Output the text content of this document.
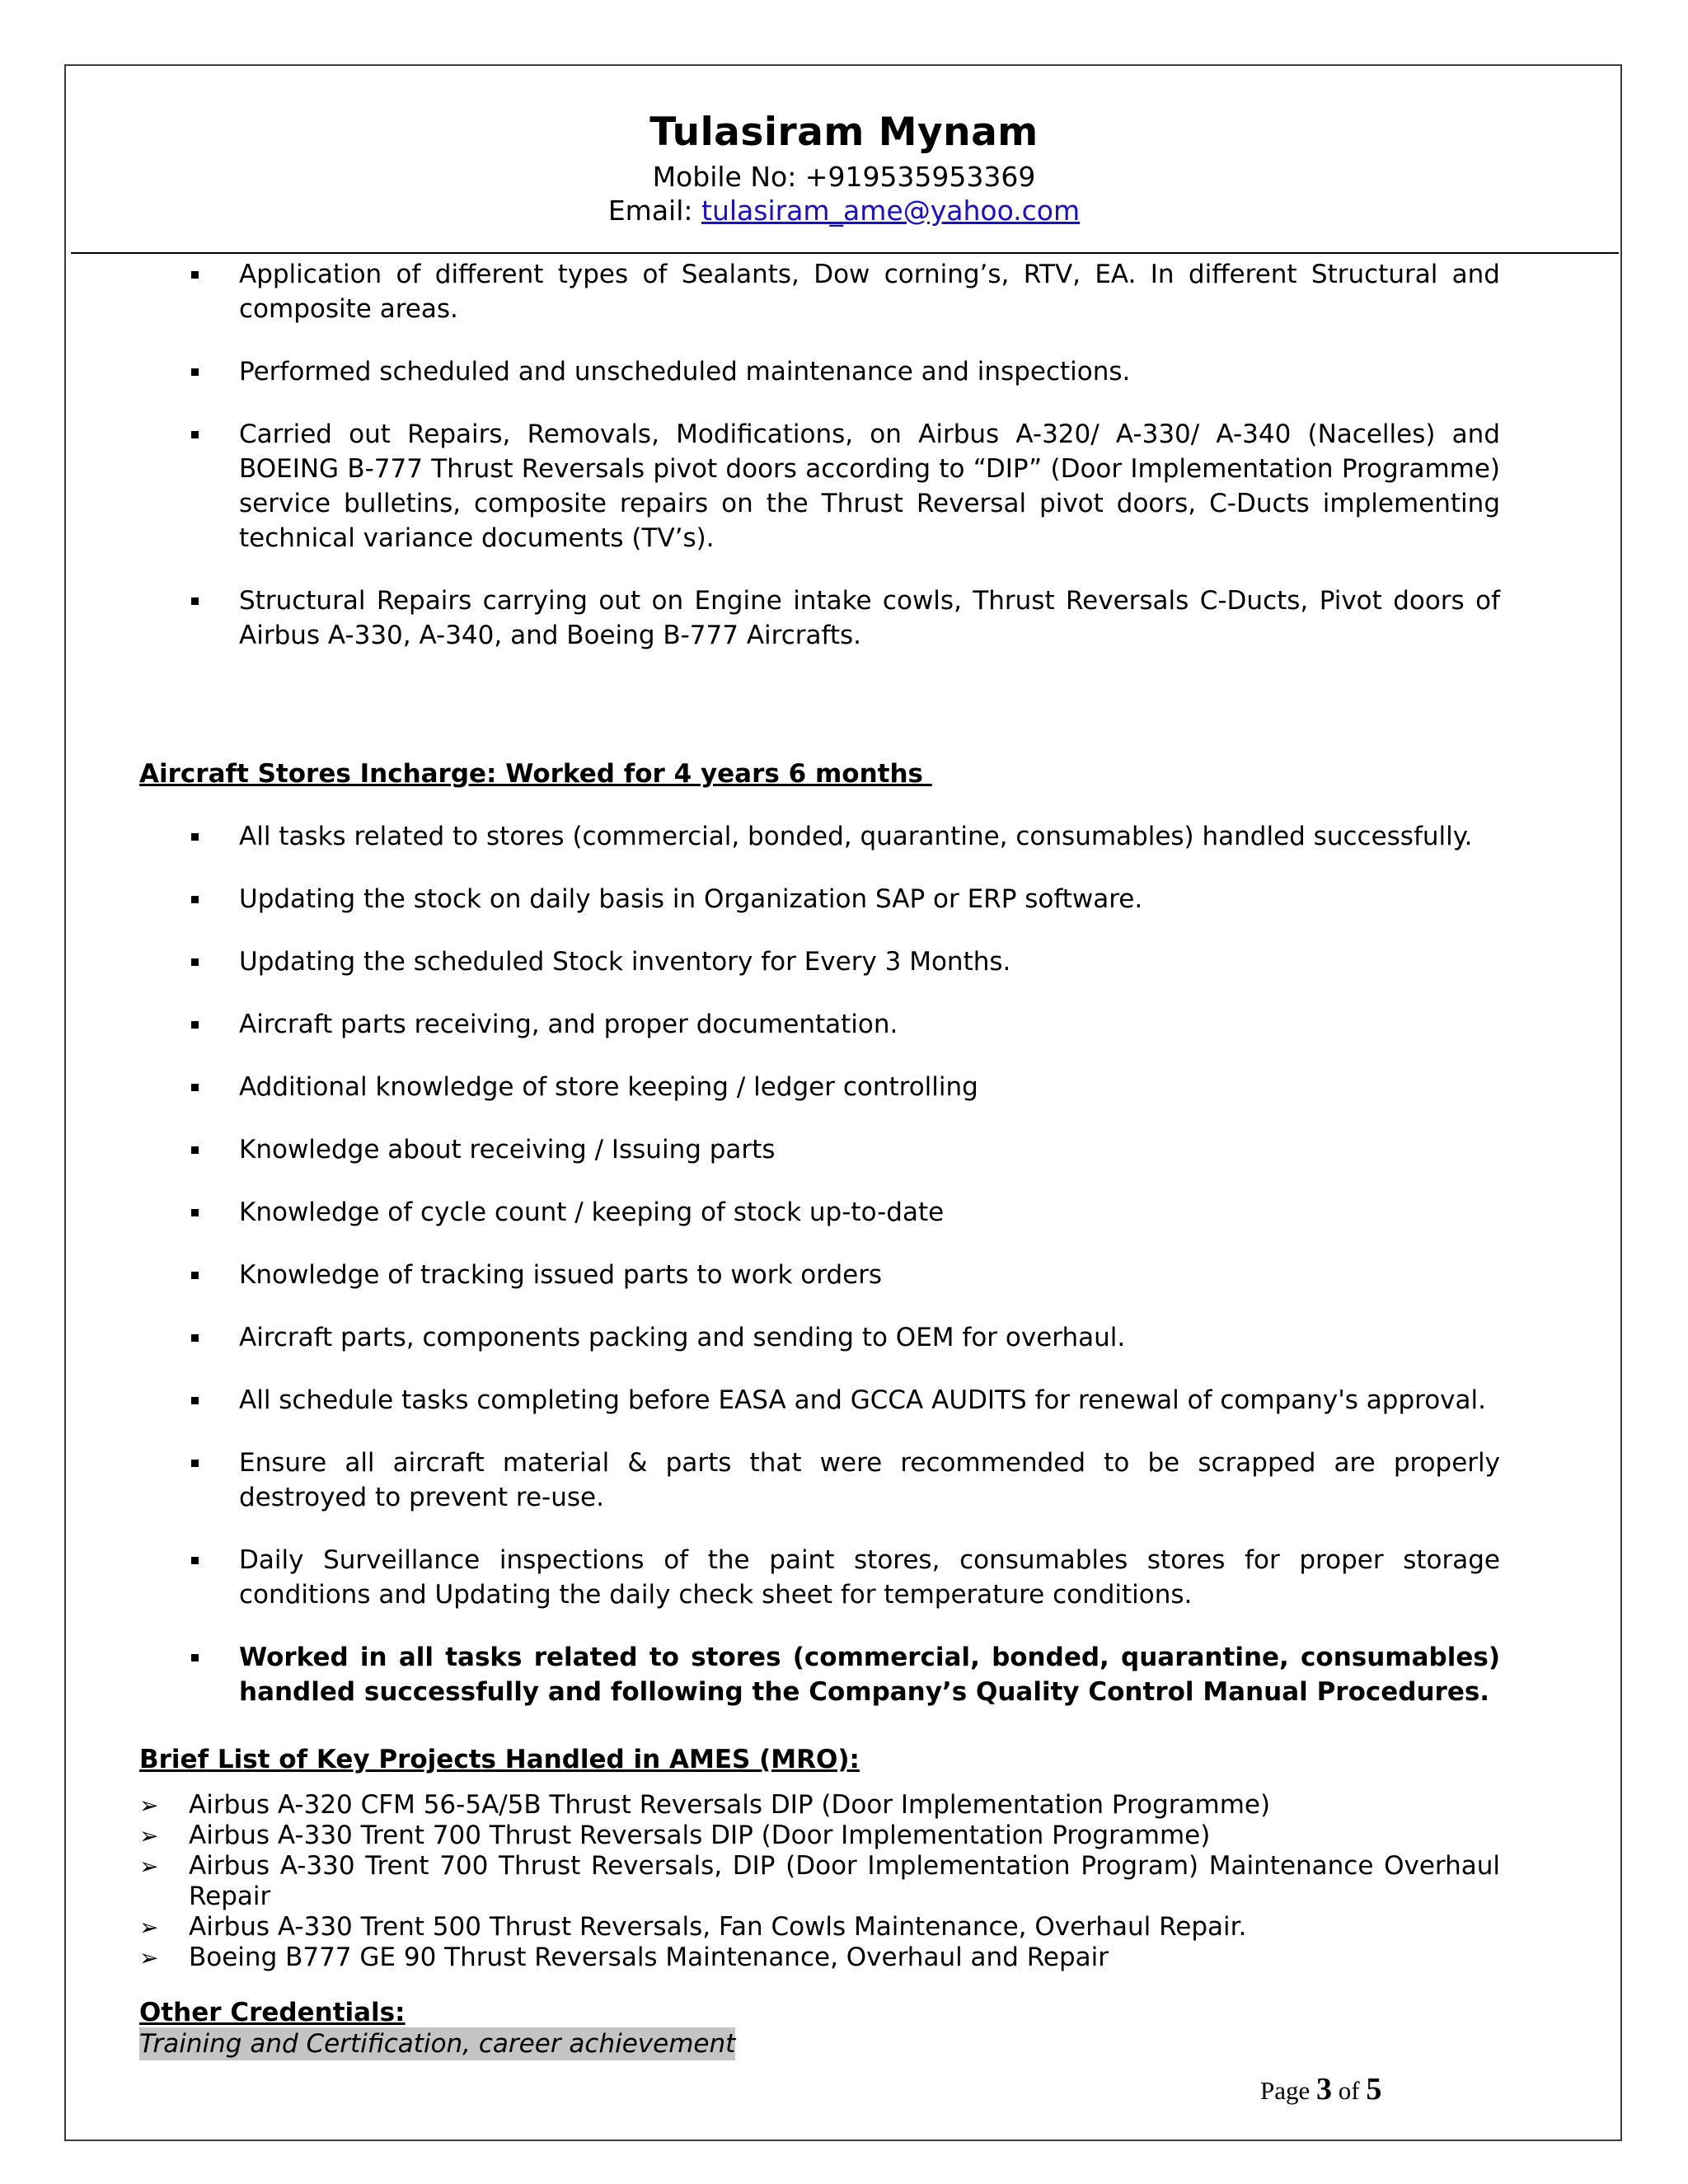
Tulasiram Mynam
Mobile No: +919535953369
Email: tulasiram_ame@yahoo.com
Application of different types of Sealants, Dow corning’s, RTV, EA. In different Structural and composite areas.
Performed scheduled and unscheduled maintenance and inspections.
Carried out Repairs, Removals, Modifications, on Airbus A-320/ A-330/ A-340 (Nacelles) and BOEING B-777 Thrust Reversals pivot doors according to “DIP” (Door Implementation Programme) service bulletins, composite repairs on the Thrust Reversal pivot doors, C-Ducts implementing technical variance documents (TV’s).
Structural Repairs carrying out on Engine intake cowls, Thrust Reversals C-Ducts, Pivot doors of Airbus A-330, A-340, and Boeing B-777 Aircrafts.
Aircraft Stores Incharge: Worked for 4 years 6 months
All tasks related to stores (commercial, bonded, quarantine, consumables) handled successfully.
Updating the stock on daily basis in Organization SAP or ERP software.
Updating the scheduled Stock inventory for Every 3 Months.
Aircraft parts receiving, and proper documentation.
Additional knowledge of store keeping / ledger controlling
Knowledge about receiving / Issuing parts
Knowledge of cycle count / keeping of stock up-to-date
Knowledge of tracking issued parts to work orders
Aircraft parts, components packing and sending to OEM for overhaul.
All schedule tasks completing before EASA and GCCA AUDITS for renewal of company's approval.
Ensure all aircraft material & parts that were recommended to be scrapped are properly destroyed to prevent re-use.
Daily Surveillance inspections of the paint stores, consumables stores for proper storage conditions and Updating the daily check sheet for temperature conditions.
Worked in all tasks related to stores (commercial, bonded, quarantine, consumables) handled successfully and following the Company’s Quality Control Manual Procedures.
Brief List of Key Projects Handled in AMES (MRO):
➢ Airbus A-320 CFM 56-5A/5B Thrust Reversals DIP (Door Implementation Programme)
➢ Airbus A-330 Trent 700 Thrust Reversals DIP (Door Implementation Programme)
➢ Airbus A-330 Trent 700 Thrust Reversals, DIP (Door Implementation Program) Maintenance Overhaul Repair
➢ Airbus A-330 Trent 500 Thrust Reversals, Fan Cowls Maintenance, Overhaul Repair.
➢ Boeing B777 GE 90 Thrust Reversals Maintenance, Overhaul and Repair
Other Credentials:
Training and Certification, career achievement
Page 3 of 5
